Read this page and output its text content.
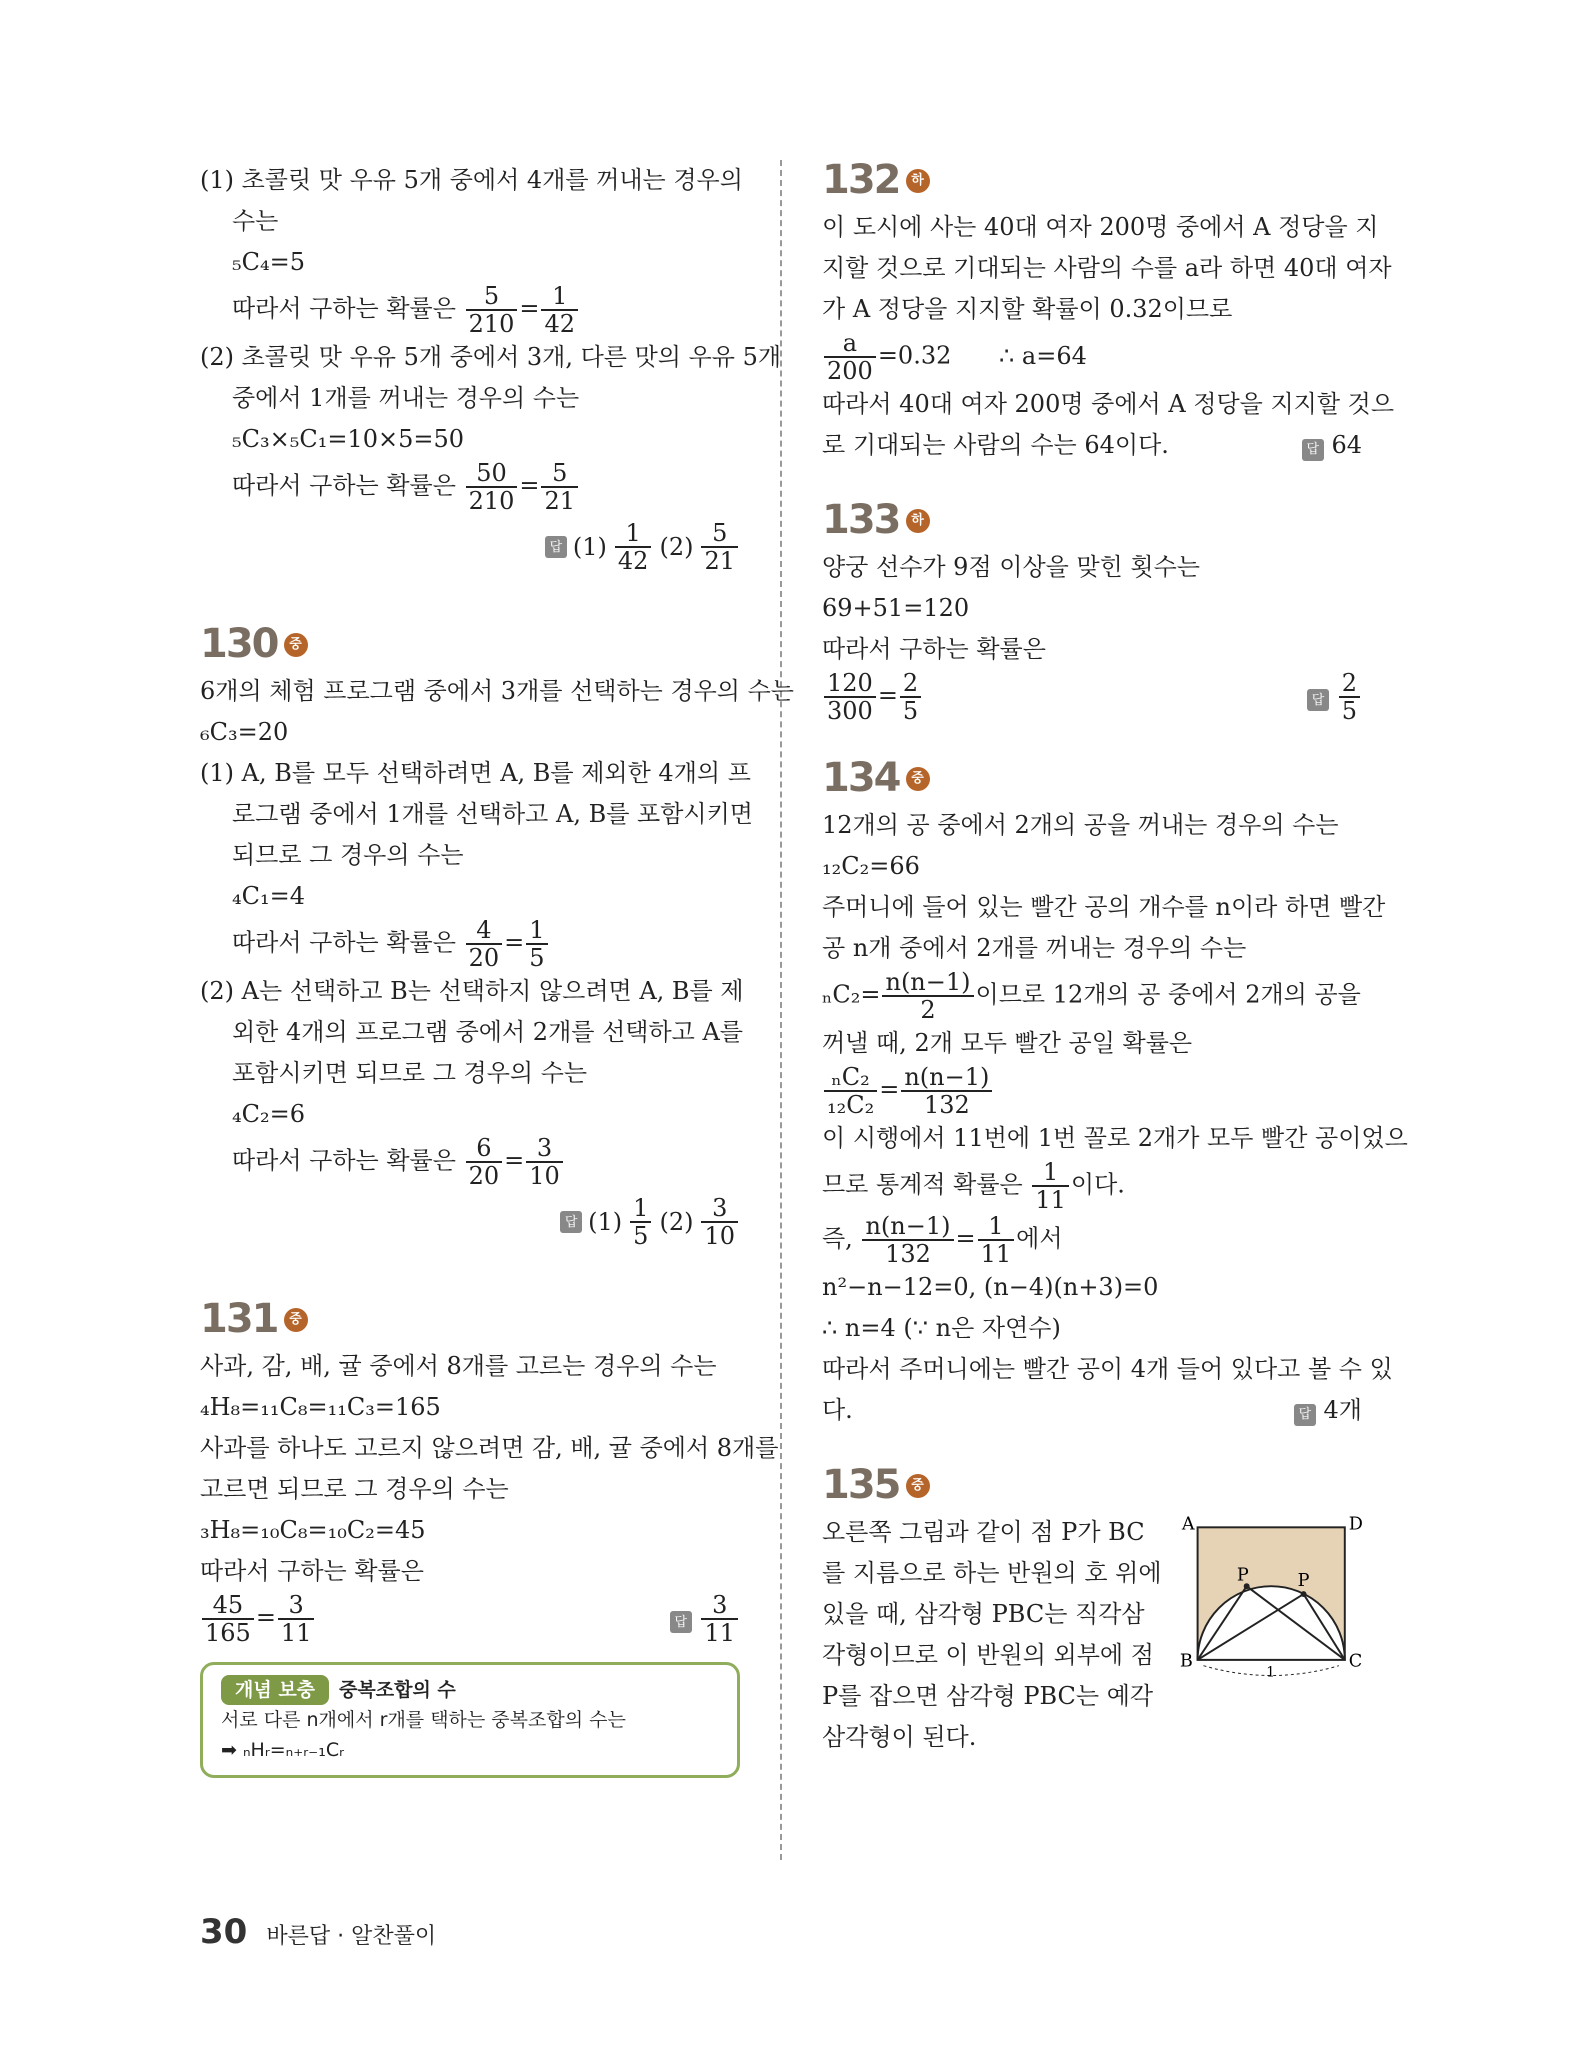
(1) 초콜릿 맛 우유 5개 중에서 4개를 꺼내는 경우의
수는
₅C₄=5
따라서 구하는 확률은 $\frac{5}{210} = \frac{1}{42}$
(2) 초콜릿 맛 우유 5개 중에서 3개, 다른 맛의 우유 5개
중에서 1개를 꺼내는 경우의 수는
₅C₃×₅C₁=10×5=50
따라서 구하는 확률은 $\frac{50}{210} = \frac{5}{21}$
답 $(1) \frac{1}{42} (2) \frac{5}{21}$
130 중
6개의 체험 프로그램 중에서 3개를 선택하는 경우의 수는
₆C₃=20
(1) A, B를 모두 선택하려면 A, B를 제외한 4개의 프
로그램 중에서 1개를 선택하고 A, B를 포함시키면
되므로 그 경우의 수는
₄C₁=4
따라서 구하는 확률은 $\frac{4}{20} = \frac{1}{5}$
(2) A는 선택하고 B는 선택하지 않으려면 A, B를 제
외한 4개의 프로그램 중에서 2개를 선택하고 A를
포함시키면 되므로 그 경우의 수는
₄C₂=6
따라서 구하는 확률은 $\frac{6}{20} = \frac{3}{10}$
답 $(1) \frac{1}{5} (2) \frac{3}{10}$
131 중
사과, 감, 배, 귤 중에서 8개를 고르는 경우의 수는
₄H₈=₁₁C₈=₁₁C₃=165
사과를 하나도 고르지 않으려면 감, 배, 귤 중에서 8개를
고르면 되므로 그 경우의 수는
₃H₈=₁₀C₈=₁₀C₂=45
따라서 구하는 확률은
$\frac{45}{165} = \frac{3}{11}$	답 $\frac{3}{11}$
개념 보충 중복조합의 수
서로 다른 n개에서 r개를 택하는 중복조합의 수는
➡ ₙHᵣ=ₙ₊ᵣ₋₁Cᵣ
132 하
이 도시에 사는 40대 여자 200명 중에서 A 정당을 지
지할 것으로 기대되는 사람의 수를 a라 하면 40대 여자
가 A 정당을 지지할 확률이 0.32이므로
$\frac{a}{200} =0.32$ ∴ a=64
따라서 40대 여자 200명 중에서 A 정당을 지지할 것으
로 기대되는 사람의 수는 64이다.	답 64
133 하
양궁 선수가 9점 이상을 맞힌 횟수는
69+51=120
따라서 구하는 확률은
$\frac{120}{300} = \frac{2}{5}$	답 $\frac{2}{5}$
134 중
12개의 공 중에서 2개의 공을 꺼내는 경우의 수는
₁₂C₂=66
주머니에 들어 있는 빨간 공의 개수를 n이라 하면 빨간
공 n개 중에서 2개를 꺼내는 경우의 수는
$_nC_2= \frac{n(n-1)}{2}$ 이므로 12개의 공 중에서 2개의 공을
꺼낼 때, 2개 모두 빨간 공일 확률은
$\frac{\text{ₙC₂}}{\text{₁₂C₂}} = \frac{n(n-1)}{132}$
이 시행에서 11번에 1번 꼴로 2개가 모두 빨간 공이었으
므로 통계적 확률은 $\frac{1}{11}$ 이다.
즉, $\frac{n(n-1)}{132} = \frac{1}{11}$ 에서
n²−n−12=0, (n−4)(n+3)=0
∴ n=4 (∵ n은 자연수)
따라서 주머니에는 빨간 공이 4개 들어 있다고 볼 수 있
다.	답 4개
135 중
오른쪽 그림과 같이 점 P가 BC
를 지름으로 하는 반원의 호 위에
있을 때, 삼각형 PBC는 직각삼
각형이므로 이 반원의 외부에 점
P를 잡으면 삼각형 PBC는 예각
삼각형이 된다.
A	D
B	C
P	P
1
30 바른답 · 알찬풀이
